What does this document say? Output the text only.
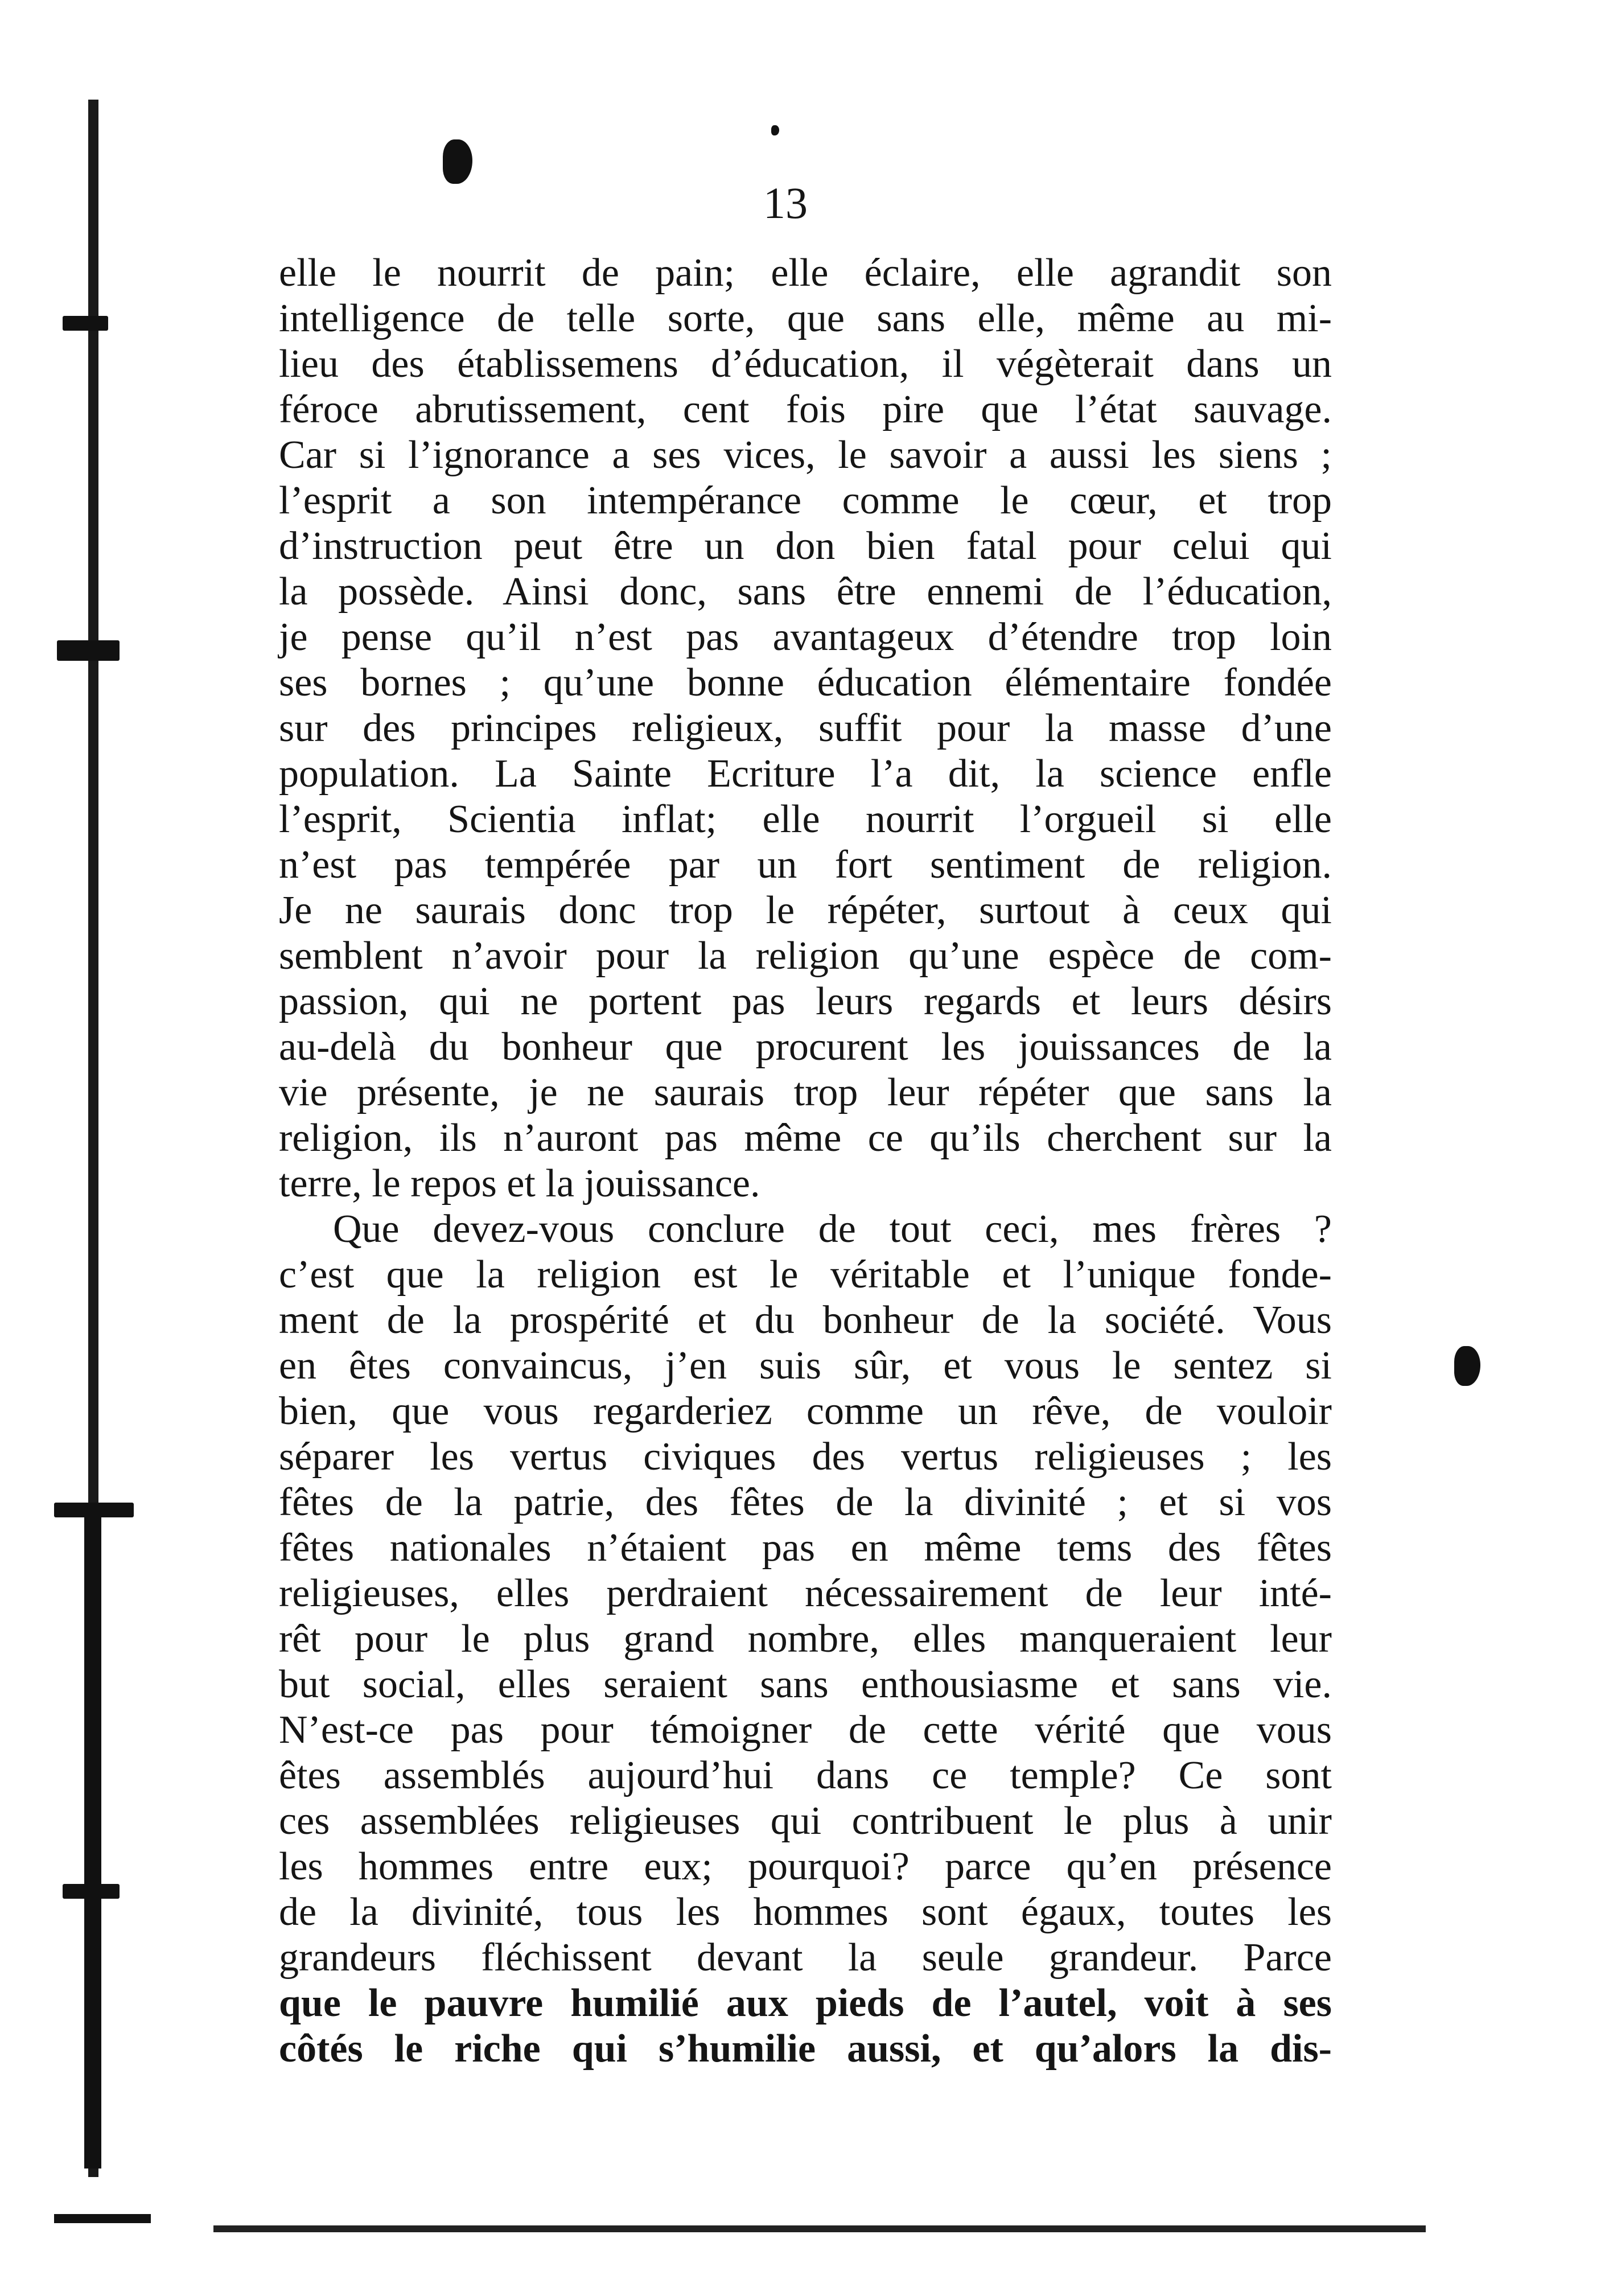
13
elle le nourrit de pain; elle éclaire, elle agrandit son
intelligence de telle sorte, que sans elle, même au mi-
lieu des établissemens d’éducation, il végèterait dans un
féroce abrutissement, cent fois pire que l’état sauvage.
Car si l’ignorance a ses vices, le savoir a aussi les siens ;
l’esprit a son intempérance comme le cœur, et trop
d’instruction peut être un don bien fatal pour celui qui
la possède. Ainsi donc, sans être ennemi de l’éducation,
je pense qu’il n’est pas avantageux d’étendre trop loin
ses bornes ; qu’une bonne éducation élémentaire fondée
sur des principes religieux, suffit pour la masse d’une
population. La Sainte Ecriture l’a dit, la science enfle
l’esprit, Scientia inflat; elle nourrit l’orgueil si elle
n’est pas tempérée par un fort sentiment de religion.
Je ne saurais donc trop le répéter, surtout à ceux qui
semblent n’avoir pour la religion qu’une espèce de com-
passion, qui ne portent pas leurs regards et leurs désirs
au-delà du bonheur que procurent les jouissances de la
vie présente, je ne saurais trop leur répéter que sans la
religion, ils n’auront pas même ce qu’ils cherchent sur la
terre, le repos et la jouissance.
Que devez-vous conclure de tout ceci, mes frères ?
c’est que la religion est le véritable et l’unique fonde-
ment de la prospérité et du bonheur de la société. Vous
en êtes convaincus, j’en suis sûr, et vous le sentez si
bien, que vous regarderiez comme un rêve, de vouloir
séparer les vertus civiques des vertus religieuses ; les
fêtes de la patrie, des fêtes de la divinité ; et si vos
fêtes nationales n’étaient pas en même tems des fêtes
religieuses, elles perdraient nécessairement de leur inté-
rêt pour le plus grand nombre, elles manqueraient leur
but social, elles seraient sans enthousiasme et sans vie.
N’est-ce pas pour témoigner de cette vérité que vous
êtes assemblés aujourd’hui dans ce temple? Ce sont
ces assemblées religieuses qui contribuent le plus à unir
les hommes entre eux; pourquoi? parce qu’en présence
de la divinité, tous les hommes sont égaux, toutes les
grandeurs fléchissent devant la seule grandeur. Parce
que le pauvre humilié aux pieds de l’autel, voit à ses
côtés le riche qui s’humilie aussi, et qu’alors la dis-
